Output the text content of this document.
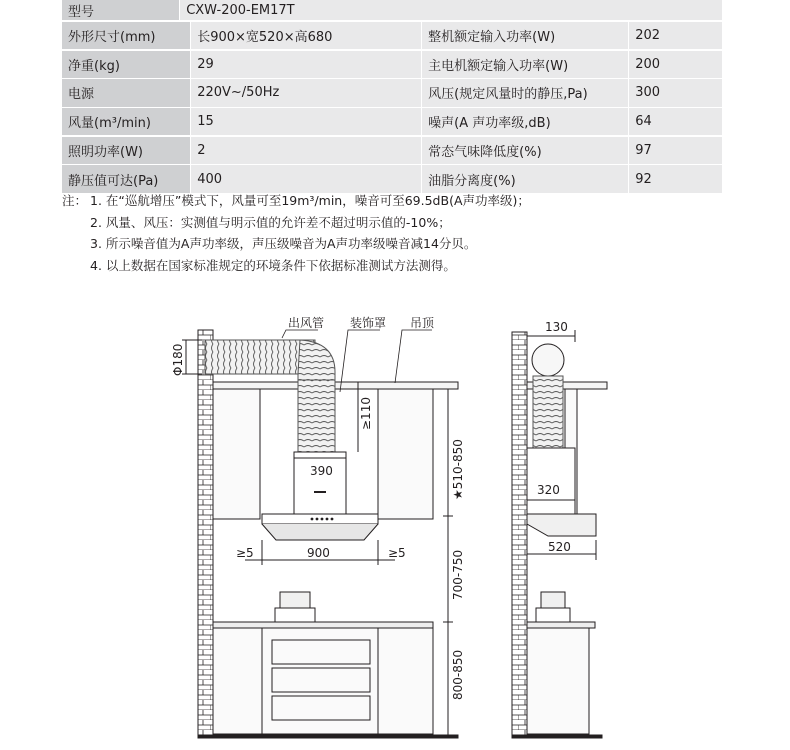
型号	CXW-200-EM17T
外形尺寸(mm)	长900×宽520×高680	整机额定输入功率(W)	202
净重(kg)	29	主电机额定输入功率(W)	200
电源	220V~/50Hz	风压(规定风量时的静压,Pa)	300
风量(m³/min)	15	噪声(A 声功率级,dB)	64
照明功率(W)	2	常态气味降低度(%)	97
静压值可达(Pa)	400	油脂分离度(%)	92
注： 1. 在“巡航增压”模式下，风量可至19m³/min，噪音可至69.5dB(A声功率级)；
2. 风量、风压：实测值与明示值的允许差不超过明示值的-10%；
3. 所示噪音值为A声功率级，声压级噪音为A声功率级噪音减14分贝。
4. 以上数据在国家标准规定的环境条件下依据标准测试方法测得。
出风管 装饰罩 吊顶
Φ180
≥110
390	★510-850
≥5	900	≥5	700-750
800-850
130
320
520
